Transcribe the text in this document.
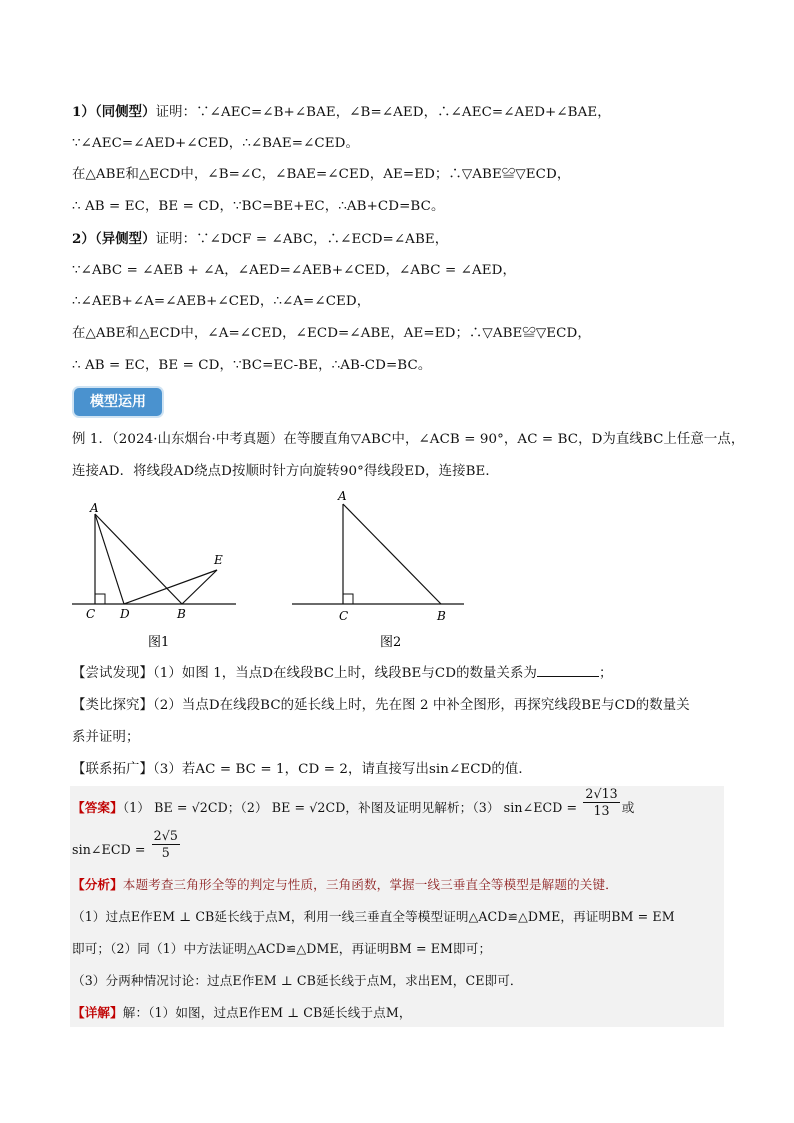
1）（同侧型）证明：∵∠AEC=∠B+∠BAE，∠B=∠AED，∴∠AEC=∠AED+∠BAE，
∵∠AEC=∠AED+∠CED，∴∠BAE=∠CED。
在△ABE和△ECD中，∠B=∠C，∠BAE=∠CED，AE=ED；∴▽ABE≌▽ECD，
∴ AB = EC，BE = CD，∵BC=BE+EC，∴AB+CD=BC。
2）（异侧型）证明：∵∠DCF = ∠ABC，∴∠ECD=∠ABE，
∵∠ABC = ∠AEB + ∠A，∠AED=∠AEB+∠CED，∠ABC = ∠AED，
∴∠AEB+∠A=∠AEB+∠CED，∴∠A=∠CED，
在△ABE和△ECD中，∠A=∠CED，∠ECD=∠ABE，AE=ED；∴▽ABE≌▽ECD，
∴ AB = EC，BE = CD，∵BC=EC-BE，∴AB-CD=BC。
模型运用
例 1．（2024·山东烟台·中考真题）在等腰直角▽ABC中，∠ACB = 90°，AC = BC，D为直线BC上任意一点，
连接AD．将线段AD绕点D按顺时针方向旋转90°得线段ED，连接BE．
A
C D	B
E
图1
A
C	B
图2
【尝试发现】（1）如图 1，当点D在线段BC上时，线段BE与CD的数量关系为	；
【类比探究】（2）当点D在线段BC的延长线上时，先在图 2 中补全图形，再探究线段BE与CD的数量关
系并证明；
【联系拓广】（3）若AC = BC = 1，CD = 2，请直接写出sin∠ECD的值．
【答案】（1） BE = √2CD；（2） BE = √2CD，补图及证明见解析；（3） sin∠ECD = $\frac{2√13}{13}$ 或
sin∠ECD = $\frac{2√5}{5}$
【分析】本题考查三角形全等的判定与性质，三角函数，掌握一线三垂直全等模型是解题的关键．
（1）过点E作EM ⊥ CB延长线于点M，利用一线三垂直全等模型证明△ACD≌△DME，再证明BM = EM
即可；（2）同（1）中方法证明△ACD≌△DME，再证明BM = EM即可；
（3）分两种情况讨论：过点E作EM ⊥ CB延长线于点M，求出EM，CE即可．
【详解】解：（1）如图，过点E作EM ⊥ CB延长线于点M，
